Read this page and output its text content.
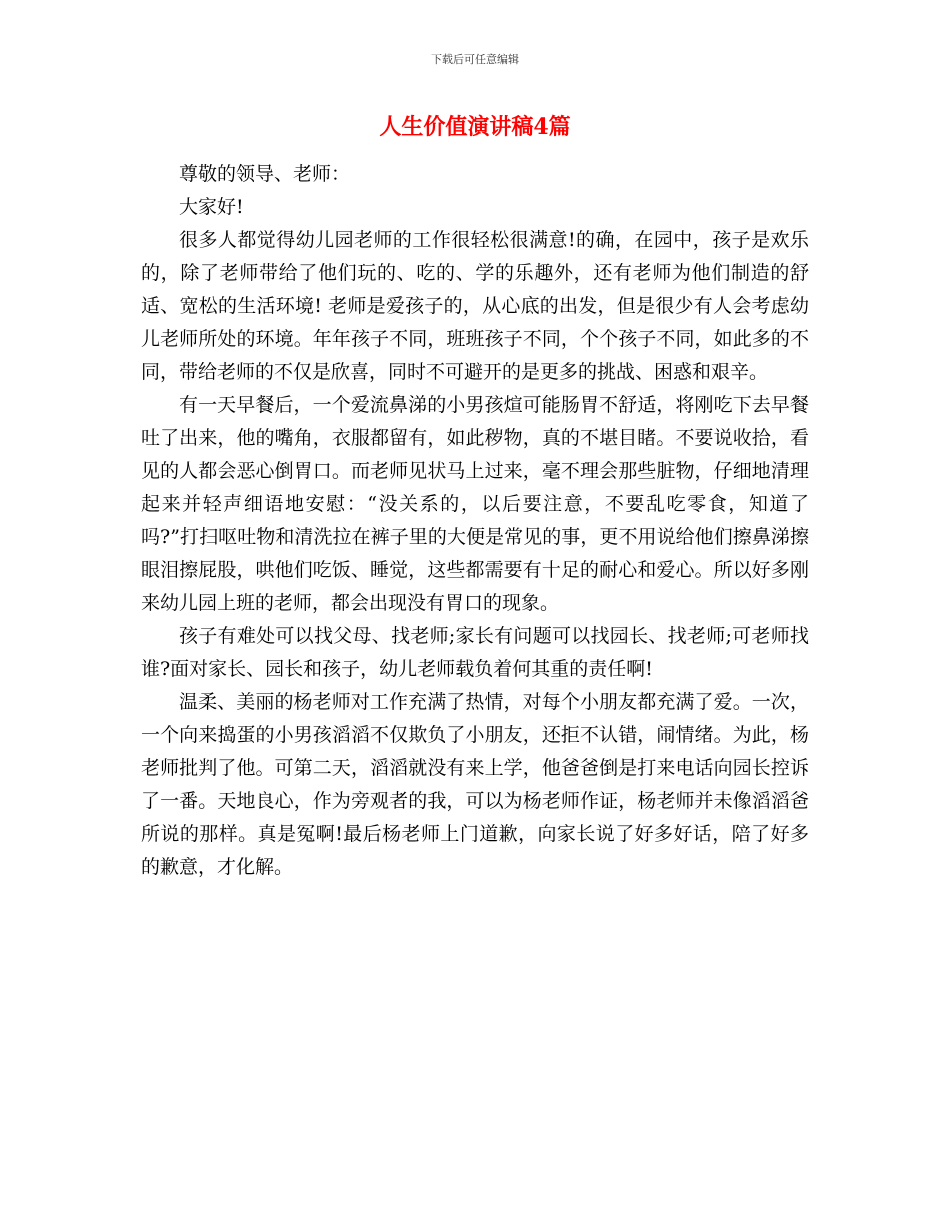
下载后可任意编辑
人生价值演讲稿4篇

尊敬的领导、老师：

大家好!

很多人都觉得幼儿园老师的工作很轻松很满意!的确，在园中，孩子是欢乐的，除了老师带给了他们玩的、吃的、学的乐趣外，还有老师为他们制造的舒适、宽松的生活环境! 老师是爱孩子的，从心底的出发，但是很少有人会考虑幼儿老师所处的环境。年年孩子不同，班班孩子不同，个个孩子不同，如此多的不同，带给老师的不仅是欣喜，同时不可避开的是更多的挑战、困惑和艰辛。

有一天早餐后，一个爱流鼻涕的小男孩煊可能肠胃不舒适，将刚吃下去早餐吐了出来，他的嘴角，衣服都留有，如此秽物，真的不堪目睹。不要说收拾，看见的人都会恶心倒胃口。而老师见状马上过来，毫不理会那些脏物，仔细地清理起来并轻声细语地安慰：“没关系的，以后要注意，不要乱吃零食，知道了吗?”打扫呕吐物和清洗拉在裤子里的大便是常见的事，更不用说给他们擦鼻涕擦眼泪擦屁股，哄他们吃饭、睡觉，这些都需要有十足的耐心和爱心。所以好多刚来幼儿园上班的老师，都会出现没有胃口的现象。

孩子有难处可以找父母、找老师;家长有问题可以找园长、找老师;可老师找谁?面对家长、园长和孩子，幼儿老师载负着何其重的责任啊!

温柔、美丽的杨老师对工作充满了热情，对每个小朋友都充满了爱。一次，一个向来捣蛋的小男孩滔滔不仅欺负了小朋友，还拒不认错，闹情绪。为此，杨老师批判了他。可第二天，滔滔就没有来上学，他爸爸倒是打来电话向园长控诉了一番。天地良心，作为旁观者的我，可以为杨老师作证，杨老师并未像滔滔爸所说的那样。真是冤啊!最后杨老师上门道歉，向家长说了好多好话，陪了好多的歉意，才化解。
